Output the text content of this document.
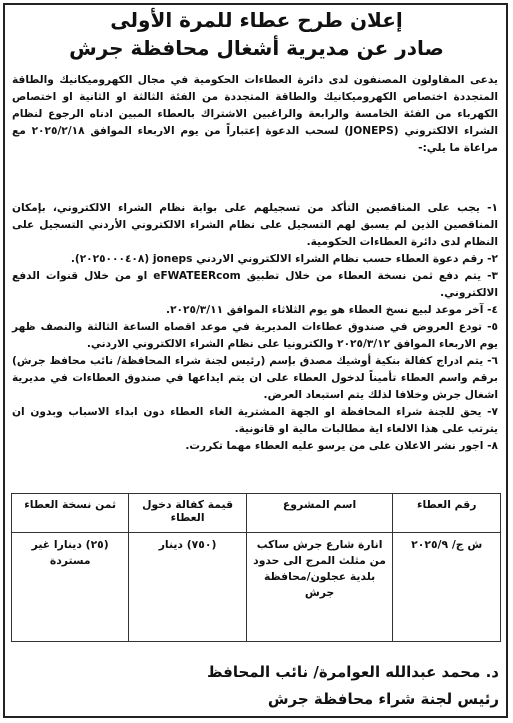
إعلان طرح عطاء للمرة الأولى
صادر عن مديرية أشغال محافظة جرش
يدعى المقاولون المصنفون لدى دائرة العطاءات الحكومية في مجال الكهروميكانيك والطاقة المتجددة اختصاص الكهروميكانيك والطاقة المتجددة من الفئة الثالثة او الثانية او اختصاص الكهرباء من الفئة الخامسة والرابعة والراغبين الاشتراك بالعطاء المبين ادناه الرجوع لنظام الشراء الالكتروني (JONEPS) لسحب الدعوة إعتباراً من يوم الاربعاء الموافق ٢٠٢٥/٢/١٨ مع مراعاة ما يلي:-

١- يجب على المناقصين التأكد من تسجيلهم على بوابة نظام الشراء الالكتروني، بإمكان المناقصين الذين لم يسبق لهم التسجيل على نظام الشراء الالكتروني الأردني التسجيل على النظام لدى دائرة العطاءات الحكومية.

٢- رقم دعوة العطاء حسب نظام الشراء الالكتروني الاردني joneps (٢٠٢٥٠٠٠٤٠٨).

٣- يتم دفع ثمن نسخة العطاء من خلال تطبيق eFWATEERcom او من خلال قنوات الدفع الالكتروني.

٤- آخر موعد لبيع نسخ العطاء هو يوم الثلاثاء الموافق ٢٠٢٥/٣/١١.

٥- تودع العروض في صندوق عطاءات المديرية في موعد اقصاه الساعة الثالثة والنصف ظهر يوم الاربعاء الموافق ٢٠٢٥/٣/١٢ والكترونيا على نظام الشراء الالكتروني الاردني.

٦- يتم ادراج كفالة بنكية أوشيك مصدق بإسم (رئيس لجنة شراء المحافظة/ نائب محافظ جرش) برقم واسم العطاء تأميناً لدخول العطاء على ان يتم ايداعها في صندوق العطاءات في مديرية اشغال جرش وخلافا لذلك يتم استبعاد العرض.

٧- يحق للجنة شراء المحافظة او الجهة المشترية الغاء العطاء دون ابداء الاسباب وبدون ان يترتب على هذا الالغاء اية مطالبات مالية او قانونية.

٨- اجور نشر الاعلان على من يرسو عليه العطاء مهما تكررت.

رقم العطاء	اسم المشروع	قيمة كفالة دخول العطاء	ثمن نسخة العطاء
ش ج/ ٢٠٢٥/٩	انارة شارع جرش ساكب من مثلث المرج الى حدود بلدية عجلون/محافظة جرش	(٧٥٠) دينار	(٢٥) دينارا غير مستردة
د. محمد عبدالله العوامرة/ نائب المحافظ
رئيس لجنة شراء محافظة جرش
